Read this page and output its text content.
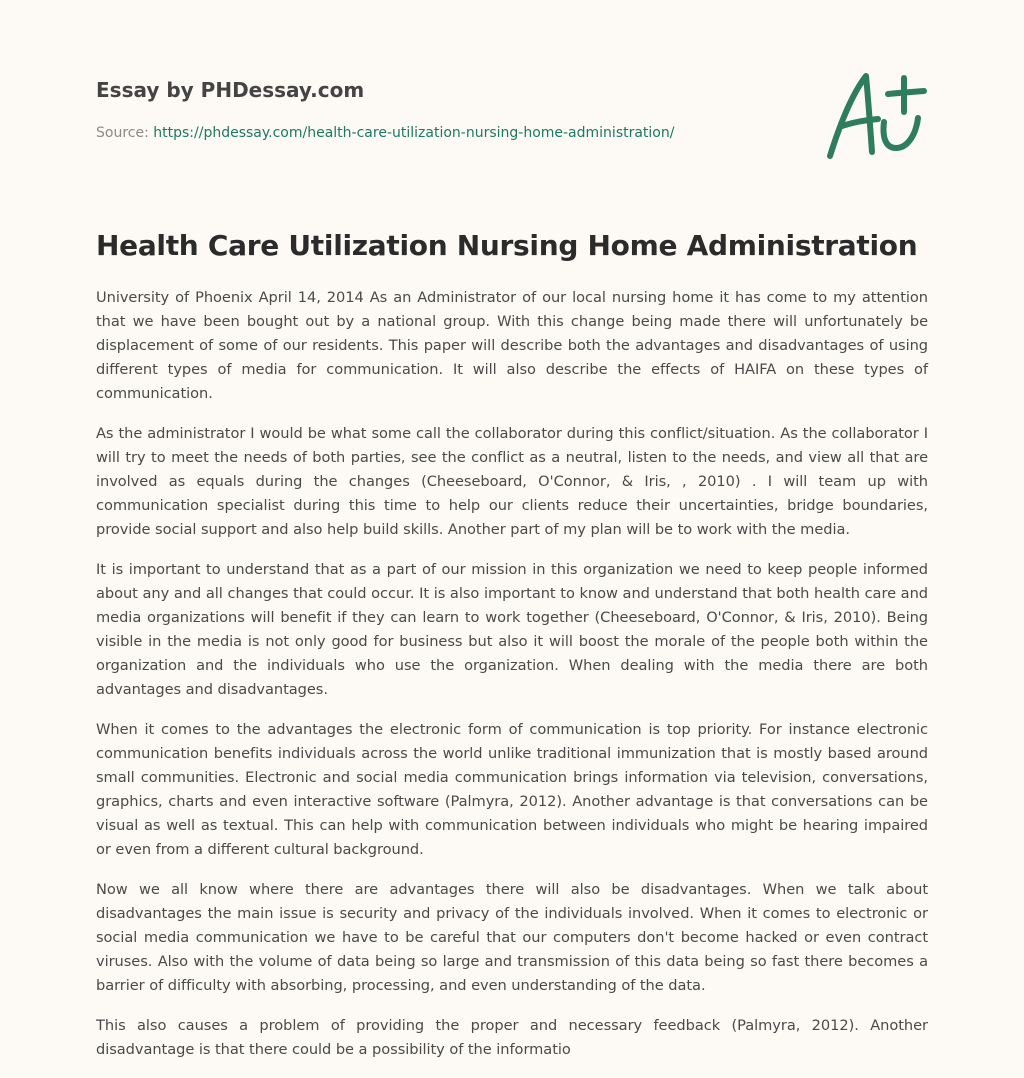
Essay by PHDessay.com
Source: https://phdessay.com/health-care-utilization-nursing-home-administration/
Health Care Utilization Nursing Home Administration

University of Phoenix April 14, 2014 As an Administrator of our local nursing home it has come to my attention that we have been bought out by a national group. With this change being made there will unfortunately be displacement of some of our residents. This paper will describe both the advantages and disadvantages of using different types of media for communication. It will also describe the effects of HAIFA on these types of communication.

As the administrator I would be what some call the collaborator during this conflict/situation. As the collaborator I will try to meet the needs of both parties, see the conflict as a neutral, listen to the needs, and view all that are involved as equals during the changes (Cheeseboard, O'Connor, & Iris, , 2010) . I will team up with communication specialist during this time to help our clients reduce their uncertainties, bridge boundaries, provide social support and also help build skills. Another part of my plan will be to work with the media.

It is important to understand that as a part of our mission in this organization we need to keep people informed about any and all changes that could occur. It is also important to know and understand that both health care and media organizations will benefit if they can learn to work together (Cheeseboard, O'Connor, & Iris, 2010). Being visible in the media is not only good for business but also it will boost the morale of the people both within the organization and the individuals who use the organization. When dealing with the media there are both advantages and disadvantages.

When it comes to the advantages the electronic form of communication is top priority. For instance electronic communication benefits individuals across the world unlike traditional immunization that is mostly based around small communities. Electronic and social media communication brings information via television, conversations, graphics, charts and even interactive software (Palmyra, 2012). Another advantage is that conversations can be visual as well as textual. This can help with communication between individuals who might be hearing impaired or even from a different cultural background.

Now we all know where there are advantages there will also be disadvantages. When we talk about disadvantages the main issue is security and privacy of the individuals involved. When it comes to electronic or social media communication we have to be careful that our computers don't become hacked or even contract viruses. Also with the volume of data being so large and transmission of this data being so fast there becomes a barrier of difficulty with absorbing, processing, and even understanding of the data.

This also causes a problem of providing the proper and necessary feedback (Palmyra, 2012). Another disadvantage is that there could be a possibility of the informatio
